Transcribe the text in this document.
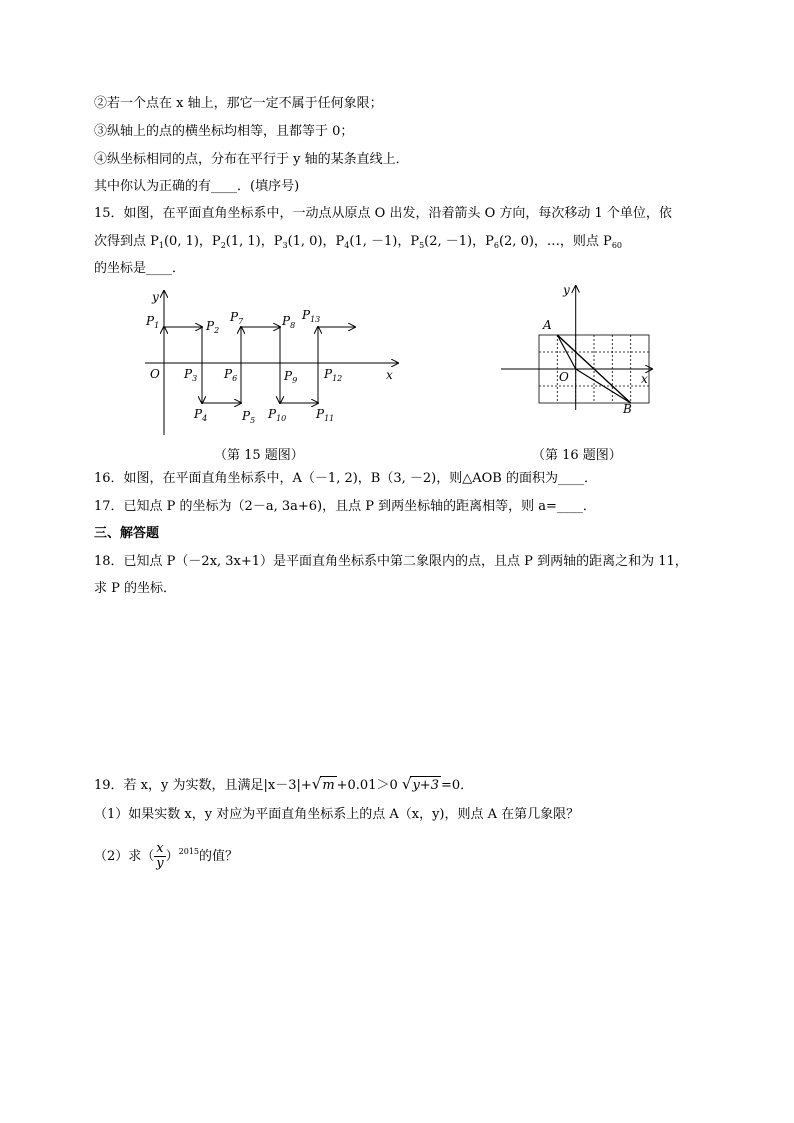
②若一个点在 x 轴上，那它一定不属于任何象限；
③纵轴上的点的横坐标均相等，且都等于 0；
④纵坐标相同的点，分布在平行于 y 轴的某条直线上．
其中你认为正确的有____．(填序号)
15．如图，在平面直角坐标系中，一动点从原点 O 出发，沿着箭头 O 方向，每次移动 1 个单位，依
次得到点 $P_1(0$, 1)，$P_2(1$, 1)，$P_3(1$, 0)，$P_4(1$, －1)，$P_5(2$, －1)，$P_6(2$, 0)，…，则点 $P_{60}$
的坐标是____．
y
x
O
$P_1$	$P_2$
$P_3$
$P_4$	$P_5$
$P_6$
$P_7$	$P_8$
$P_9$
$P_{10}$ $P_{11}$
$P_{12}$
$P_{13}$
y
x
O
A
B
（第 15 题图）	（第 16 题图）
16．如图，在平面直角坐标系中，A（－1, 2)，B（3, －2)，则△AOB 的面积为____．
17．已知点 P 的坐标为（2－a, 3a+6)，且点 P 到两坐标轴的距离相等，则 a=____．
三、解答题
18．已知点 P（－2x, 3x+1）是平面直角坐标系中第二象限内的点，且点 P 到两轴的距离之和为 11，
求 P 的坐标．
19．若 x，y 为实数，且满足|x－3|+√m +0.01＞0 √y+3 =0．
（1）如果实数 x，y 对应为平面直角坐标系上的点 A（x，y)，则点 A 在第几象限？
（2）求（ $\frac{x}{y} )^{2015}$的值？
